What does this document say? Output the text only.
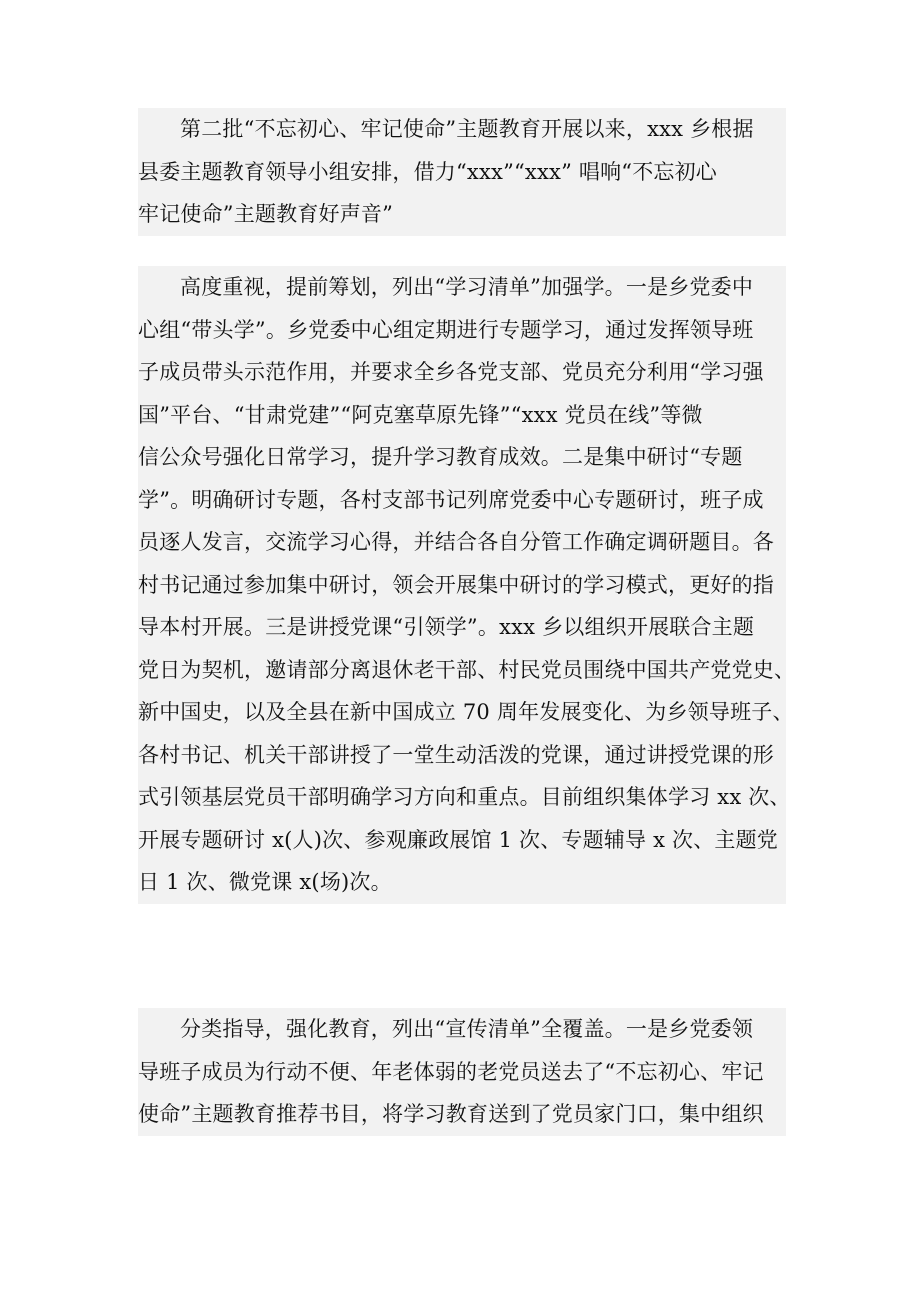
第二批“不忘初心、牢记使命”主题教育开展以来，xxx 乡根据
县委主题教育领导小组安排，借力“xxx”“xxx” 唱响“不忘初心
牢记使命”主题教育好声音”

高度重视，提前筹划，列出“学习清单”加强学。一是乡党委中
心组“带头学”。乡党委中心组定期进行专题学习，通过发挥领导班
子成员带头示范作用，并要求全乡各党支部、党员充分利用“学习强
国”平台、“甘肃党建”“阿克塞草原先锋”“xxx 党员在线”等微
信公众号强化日常学习，提升学习教育成效。二是集中研讨“专题
学”。明确研讨专题，各村支部书记列席党委中心专题研讨，班子成
员逐人发言，交流学习心得，并结合各自分管工作确定调研题目。各
村书记通过参加集中研讨，领会开展集中研讨的学习模式，更好的指
导本村开展。三是讲授党课“引领学”。xxx 乡以组织开展联合主题
党日为契机，邀请部分离退休老干部、村民党员围绕中国共产党党史、
新中国史，以及全县在新中国成立 70 周年发展变化、为乡领导班子、
各村书记、机关干部讲授了一堂生动活泼的党课，通过讲授党课的形
式引领基层党员干部明确学习方向和重点。目前组织集体学习 xx 次、
开展专题研讨 x(人)次、参观廉政展馆 1 次、专题辅导 x 次、主题党
日 1 次、微党课 x(场)次。

分类指导，强化教育，列出“宣传清单”全覆盖。一是乡党委领
导班子成员为行动不便、年老体弱的老党员送去了“不忘初心、牢记
使命”主题教育推荐书目，将学习教育送到了党员家门口，集中组织
